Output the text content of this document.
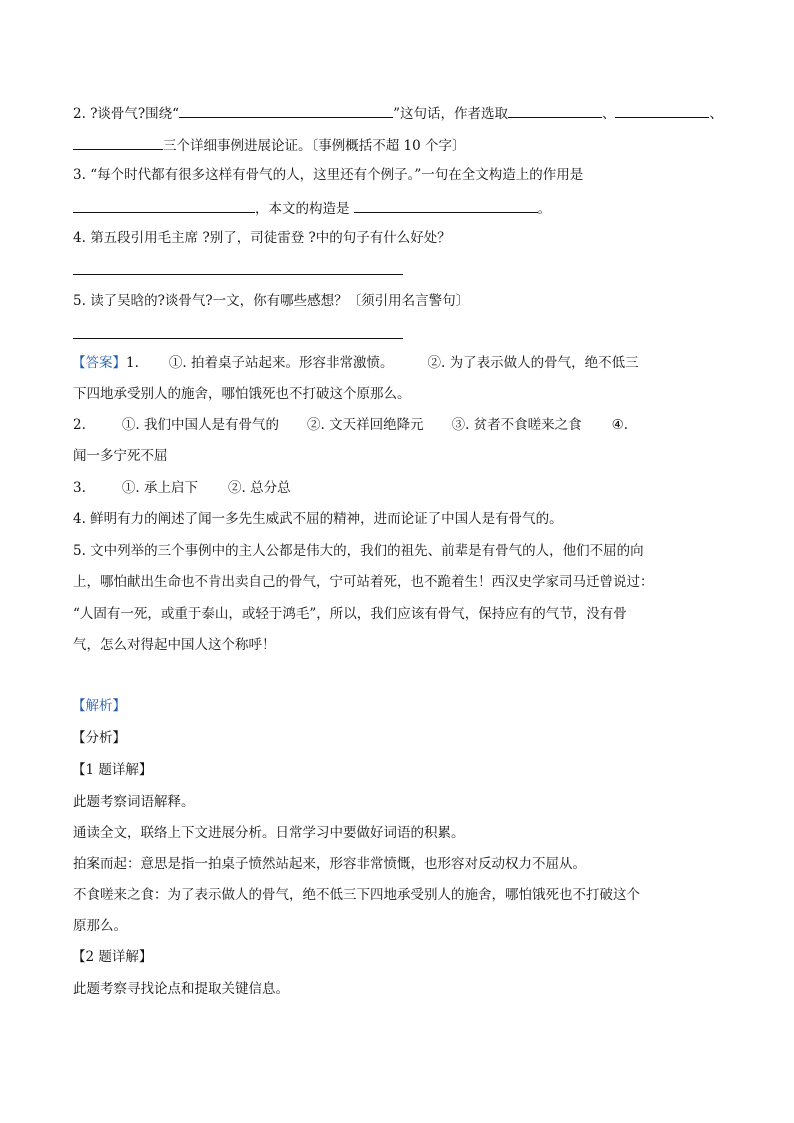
2. ?谈骨气?围绕“	”这句话，作者选取	、	、
三个详细事例进展论证。〔事例概括不超 10 个字〕
3. “每个时代都有很多这样有骨气的人，这里还有个例子。”一句在全文构造上的作用是
，本文的构造是	。
4. 第五段引用毛主席 ?别了，司徒雷登 ?中的句子有什么好处？
5. 读了吴晗的?谈骨气?一文，你有哪些感想？〔须引用名言警句〕
【答案】1. ①. 拍着桌子站起来。形容非常激愤。	②. 为了表示做人的骨气，绝不低三
下四地承受别人的施舍，哪怕饿死也不打破这个原那么。
2.	①. 我们中国人是有骨气的 ②. 文天祥回绝降元 ③. 贫者不食嗟来之食 ④.
闻一多宁死不屈
3.	①. 承上启下 ②. 总分总
4. 鲜明有力的阐述了闻一多先生威武不屈的精神，进而论证了中国人是有骨气的。
5. 文中列举的三个事例中的主人公都是伟大的，我们的祖先、前辈是有骨气的人，他们不屈的向
上，哪怕献出生命也不肯出卖自己的骨气，宁可站着死，也不跪着生！西汉史学家司马迁曾说过：
“人固有一死，或重于泰山，或轻于鸿毛”，所以，我们应该有骨气，保持应有的气节，没有骨
气，怎么对得起中国人这个称呼！
【解析】
【分析】
【1 题详解】
此题考察词语解释。
通读全文，联络上下文进展分析。日常学习中要做好词语的积累。
拍案而起：意思是指一拍桌子愤然站起来，形容非常愤慨，也形容对反动权力不屈从。
不食嗟来之食：为了表示做人的骨气，绝不低三下四地承受别人的施舍，哪怕饿死也不打破这个
原那么。
【2 题详解】
此题考察寻找论点和提取关键信息。
